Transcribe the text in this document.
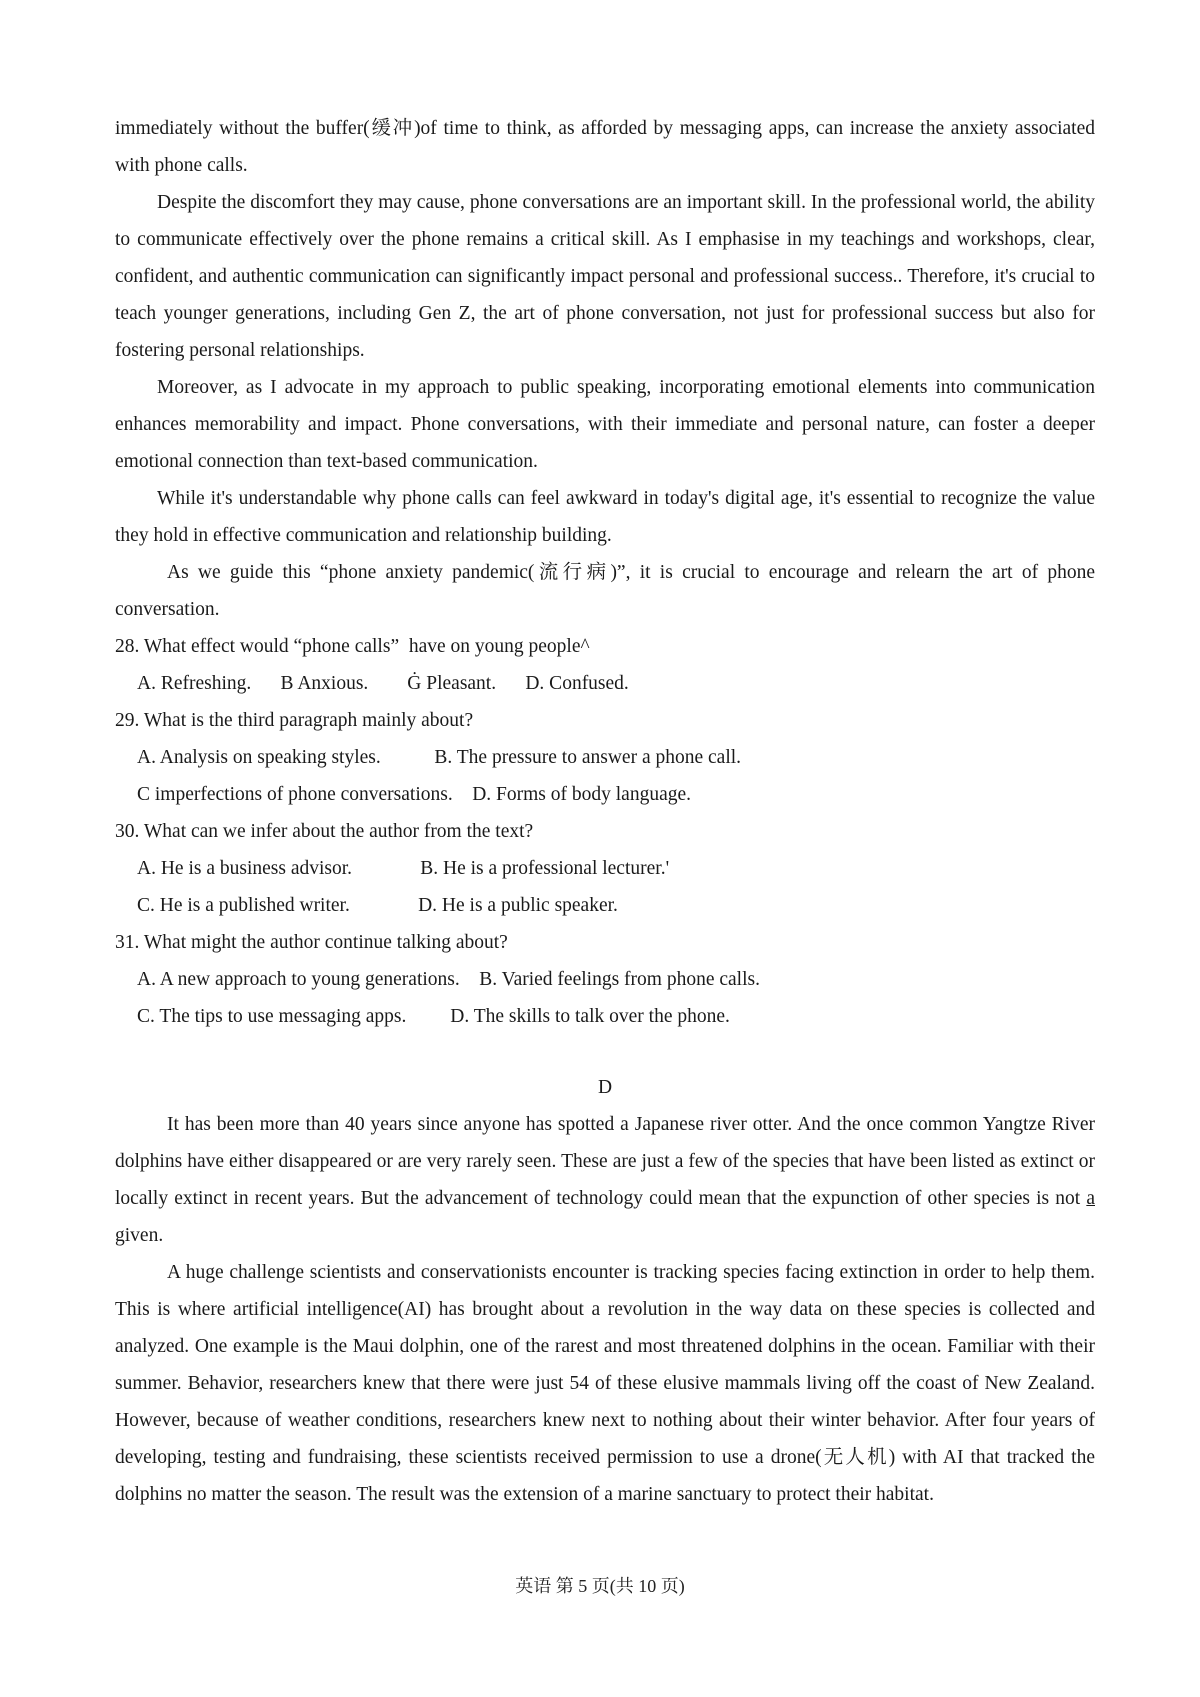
immediately without the buffer(缓冲)of time to think, as afforded by messaging apps, can increase the anxiety associated with phone calls.

Despite the discomfort they may cause, phone conversations are an important skill. In the professional world, the ability to communicate effectively over the phone remains a critical skill. As I emphasise in my teachings and workshops, clear, confident, and authentic communication can significantly impact personal and professional success.. Therefore, it's crucial to teach younger generations, including Gen Z, the art of phone conversation, not just for professional success but also for fostering personal relationships.

Moreover, as I advocate in my approach to public speaking, incorporating emotional elements into communication enhances memorability and impact. Phone conversations, with their immediate and personal nature, can foster a deeper emotional connection than text-based communication.

While it's understandable why phone calls can feel awkward in today's digital age, it's essential to recognize the value they hold in effective communication and relationship building.

As we guide this “phone anxiety pandemic(流行病)”, it is crucial to encourage and relearn the art of phone conversation.

28. What effect would “phone calls”  have on young people^
A. Refreshing.      B Anxious.        Ġ Pleasant.      D. Confused.
29. What is the third paragraph mainly about?
A. Analysis on speaking styles.           B. The pressure to answer a phone call.
C imperfections of phone conversations.    D. Forms of body language.
30. What can we infer about the author from the text?
A. He is a business advisor.              B. He is a professional lecturer.'
C. He is a published writer.              D. He is a public speaker.
31. What might the author continue talking about?
A. A new approach to young generations.    B. Varied feelings from phone calls.
C. The tips to use messaging apps.         D. The skills to talk over the phone.

D

It has been more than 40 years since anyone has spotted a Japanese river otter. And the once common Yangtze River dolphins have either disappeared or are very rarely seen. These are just a few of the species that have been listed as extinct or locally extinct in recent years. But the advancement of technology could mean that the expunction of other species is not a given.

A huge challenge scientists and conservationists encounter is tracking species facing extinction in order to help them. This is where artificial intelligence(AI) has brought about a revolution in the way data on these species is collected and analyzed. One example is the Maui dolphin, one of the rarest and most threatened dolphins in the ocean. Familiar with their summer. Behavior, researchers knew that there were just 54 of these elusive mammals living off the coast of New Zealand. However, because of weather conditions, researchers knew next to nothing about their winter behavior. After four years of developing, testing and fundraising, these scientists received permission to use a drone(无人机) with AI that tracked the dolphins no matter the season. The result was the extension of a marine sanctuary to protect their habitat.

英语 第 5 页(共 10 页)
